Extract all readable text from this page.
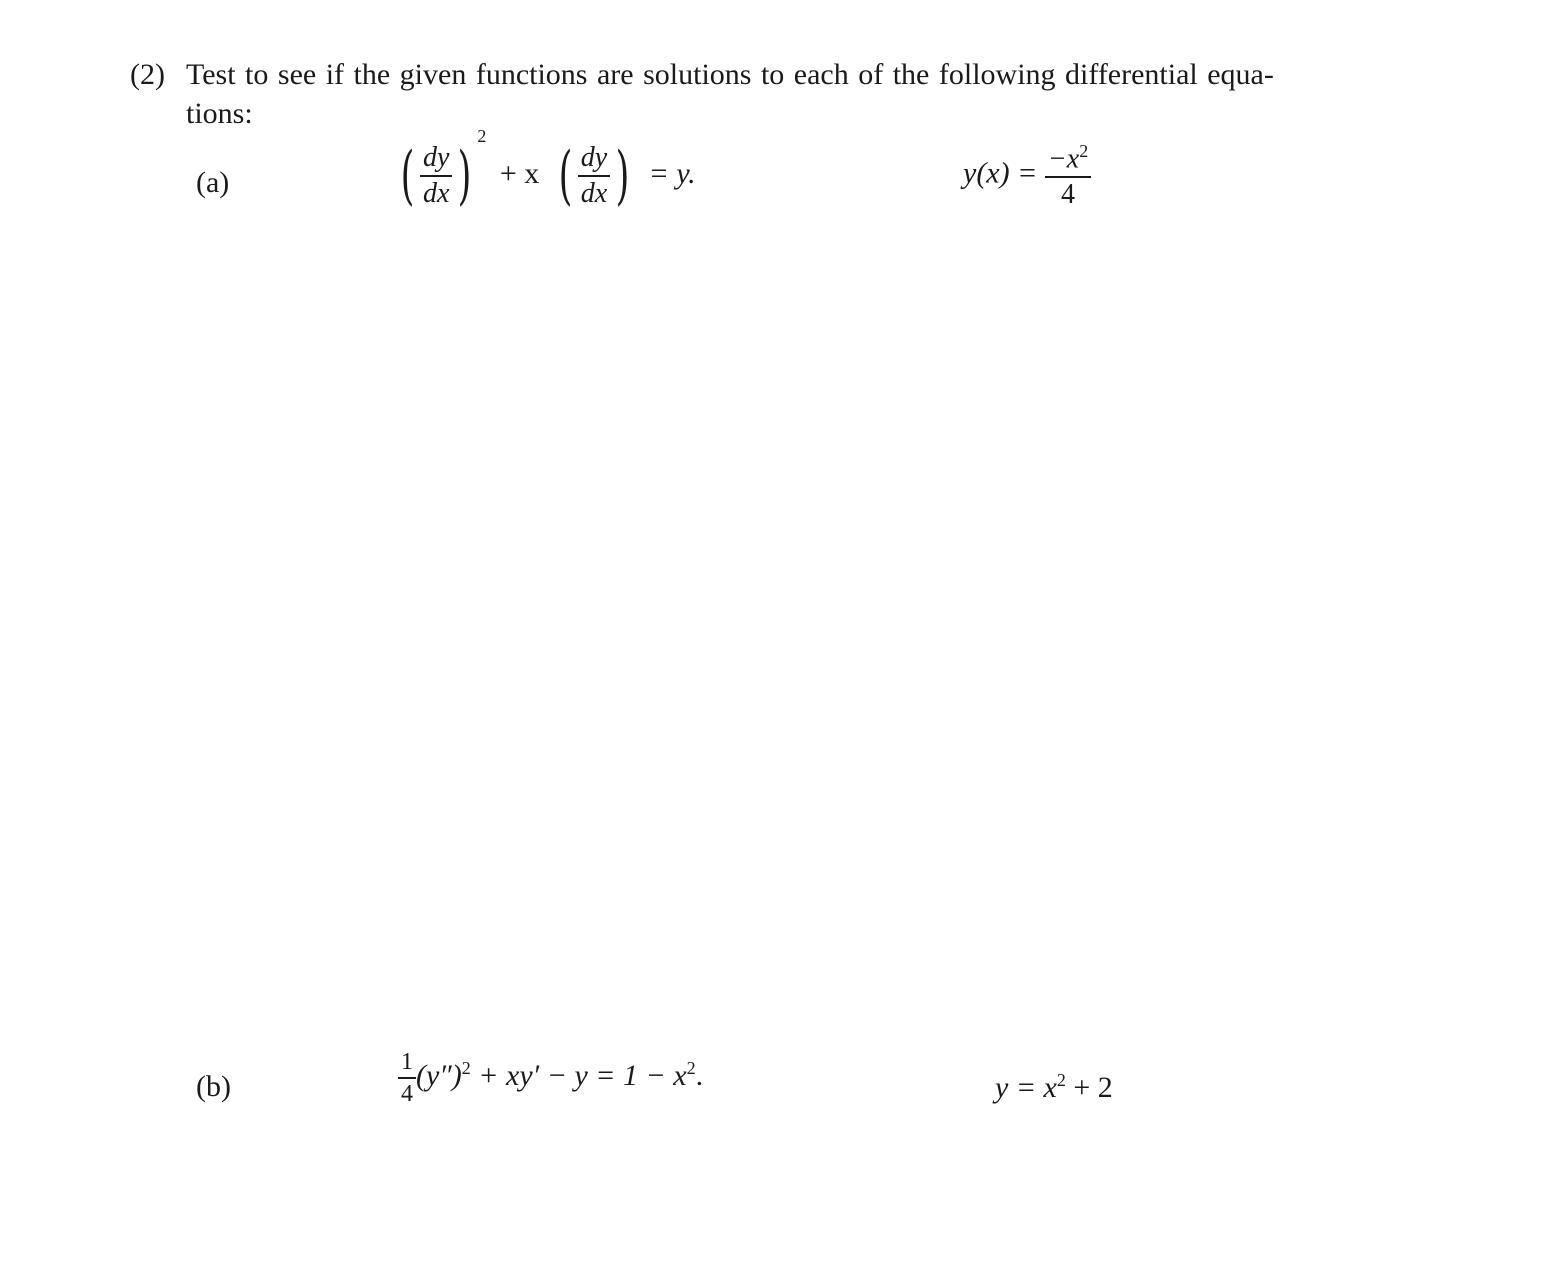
(2) Test to see if the given functions are solutions to each of the following differential equa-
tions:
(a)	( $\frac{dy}{dx} )^2 + x$ ( $\frac{dy}{dx}$ ) = y.	$y(x) = \frac{-x^2}{4}$
(b)	$\frac{1}{4} (y'')^2 + xy' - y = 1 - x^2$.	$y = x^2 + 2$
